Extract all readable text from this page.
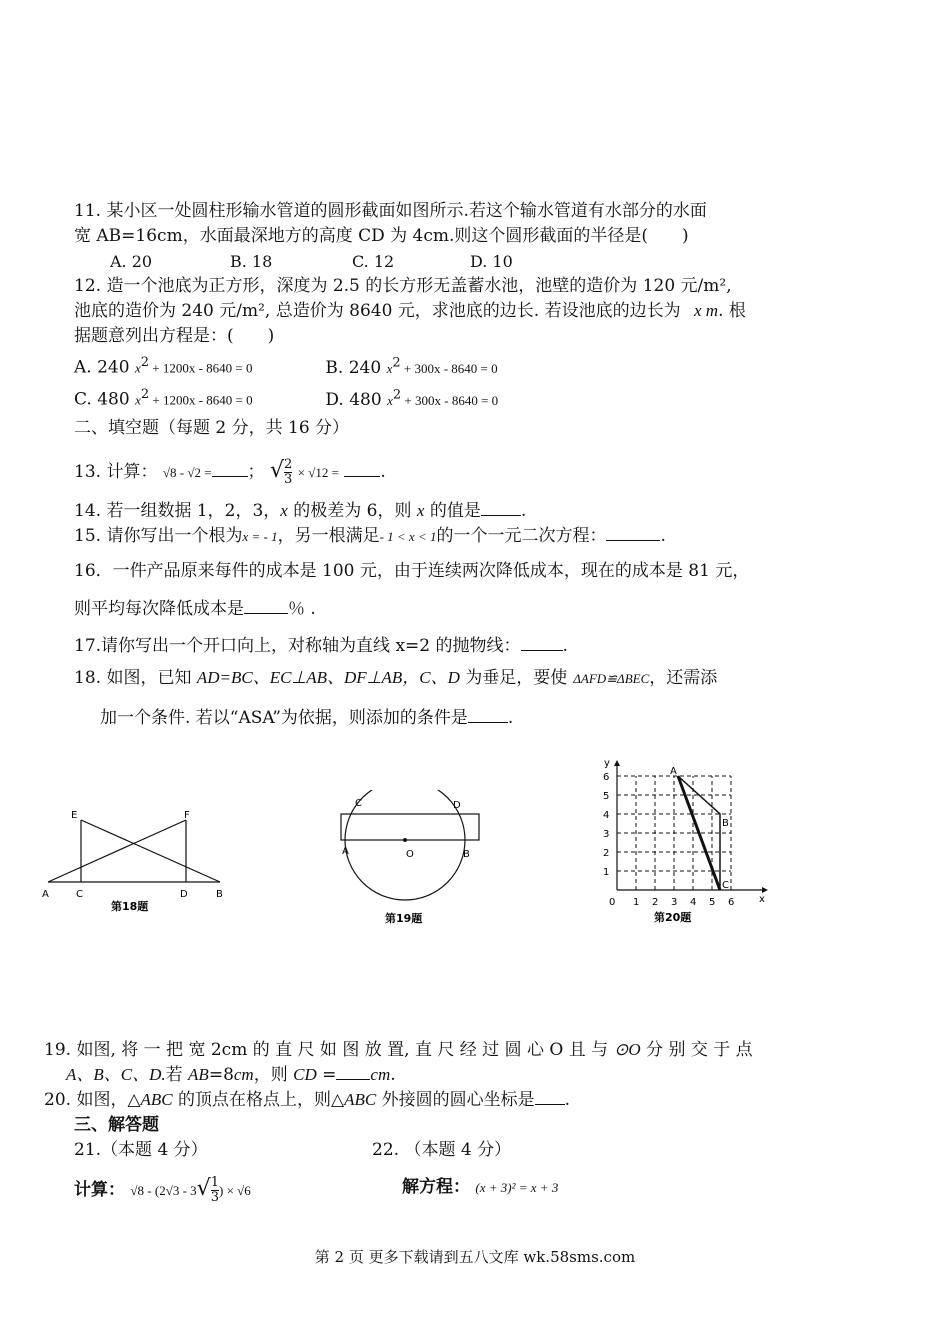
11. 某小区一处圆柱形输水管道的圆形截面如图所示.若这个输水管道有水部分的水面
宽 AB=16cm，水面最深地方的高度 CD 为 4cm.则这个圆形截面的半径是(　　)
A. 20	B. 18	C. 12	D. 10
12. 造一个池底为正方形，深度为 2.5 的长方形无盖蓄水池，池壁的造价为 120 元/m²,
池底的造价为 240 元/m², 总造价为 8640 元，求池底的边长. 若设池底的边长为 x m. 根
据题意列出方程是：(　　)
A. 240 $x^2 + 1200x - 8640 = 0$	B. 240 $x^2 + 300x - 8640 = 0$
C. 480 $x^2 + 1200x - 8640 = 0$	D. 480 $x^2 + 300x - 8640 = 0$
二、填空题（每题 2 分，共 16 分）
13. 计算： √8 - √2 = ； √ $\frac{2}{3} \times √12$ = .
14. 若一组数据 1，2，3，x 的极差为 6，则 x 的值是 .
15. 请你写出一个根为x = - 1，另一根满足- 1 < x < 1的一个一元二次方程：	.
16．一件产品原来每件的成本是 100 元，由于连续两次降低成本，现在的成本是 81 元，
则平均每次降低成本是	％ .
17.请你写出一个开口向上，对称轴为直线 x=2 的抛物线： .
18. 如图，已知 AD=BC、EC⊥AB、DF⊥AB，C、D 为垂足，要使 ΔAFD≌ΔBEC，还需添
加一个条件. 若以“ASA”为依据，则添加的条件是 .
E	F
A	C	D	B
第18题
C	D
A	O	B
第19题
0 1 2 3 4 5 6
1
2
3
4
5
6
A
B
C
y
x
第20题
19. 如图, 将 一 把 宽 2cm 的 直 尺 如 图 放 置, 直 尺 经 过 圆 心 O 且 与 ⊙O 分 别 交 于 点
A、B、C、D.若 AB=8cm，则 CD = cm.
20. 如图，△ABC 的顶点在格点上，则△ABC 外接圆的圆心坐标是 .
三、解答题
21.（本题 4 分）	22. （本题 4 分）
计算： $√8 - (2√3 - 3√ \frac{1}{3}$ ) × √6	解方程： (x + 3)² = x + 3
第 2 页 更多下载请到五八文库 wk.58sms.com
